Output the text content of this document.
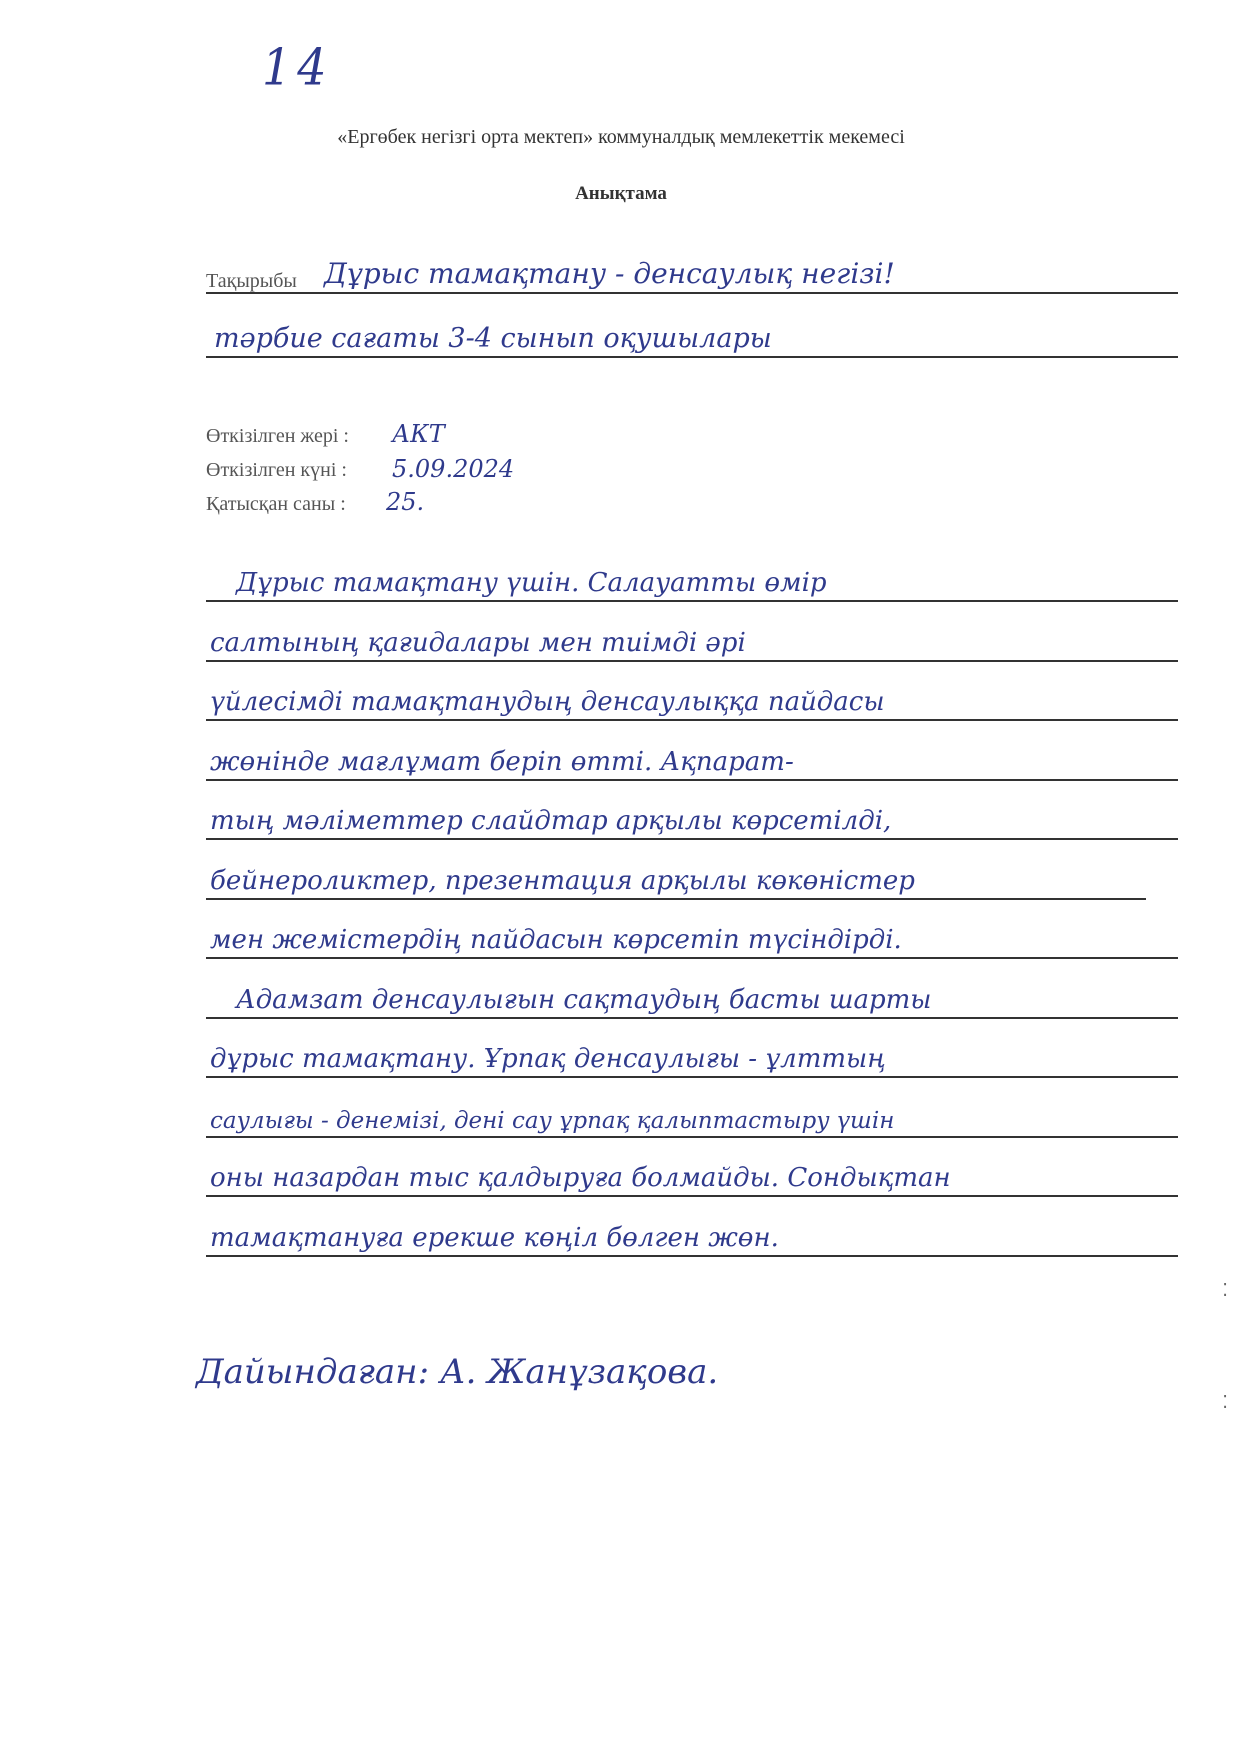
14
«Ергөбек негізгі орта мектеп» коммуналдық мемлекеттік мекемесі
Анықтама
Тақырыбы Дұрыс тамақтану - денсаулық негізі!
тәрбие сағаты 3-4 сынып оқушылары
Өткізілген жері : АКТ
Өткізілген күні : 5.09.2024
Қатысқан саны : 25.
Дұрыс тамақтану үшін. Салауатты өмір
салтының қағидалары мен тиімді әрі
үйлесімді тамақтанудың денсаулыққа пайдасы
жөнінде мағлұмат беріп өтті. Ақпарат-
тың мәліметтер слайдтар арқылы көрсетілді,
бейнероликтер, презентация арқылы көкөністер
мен жемістердің пайдасын көрсетіп түсіндірді.
Адамзат денсаулығын сақтаудың басты шарты
дұрыс тамақтану. Ұрпақ денсаулығы - ұлттың
саулығы - денемізі, дені сау ұрпақ қалыптастыру үшін
оны назардан тыс қалдыруға болмайды. Сондықтан
тамақтануға ерекше көңіл бөлген жөн.
Дайындаған: А. Жанұзақова.
⁚
⁚
